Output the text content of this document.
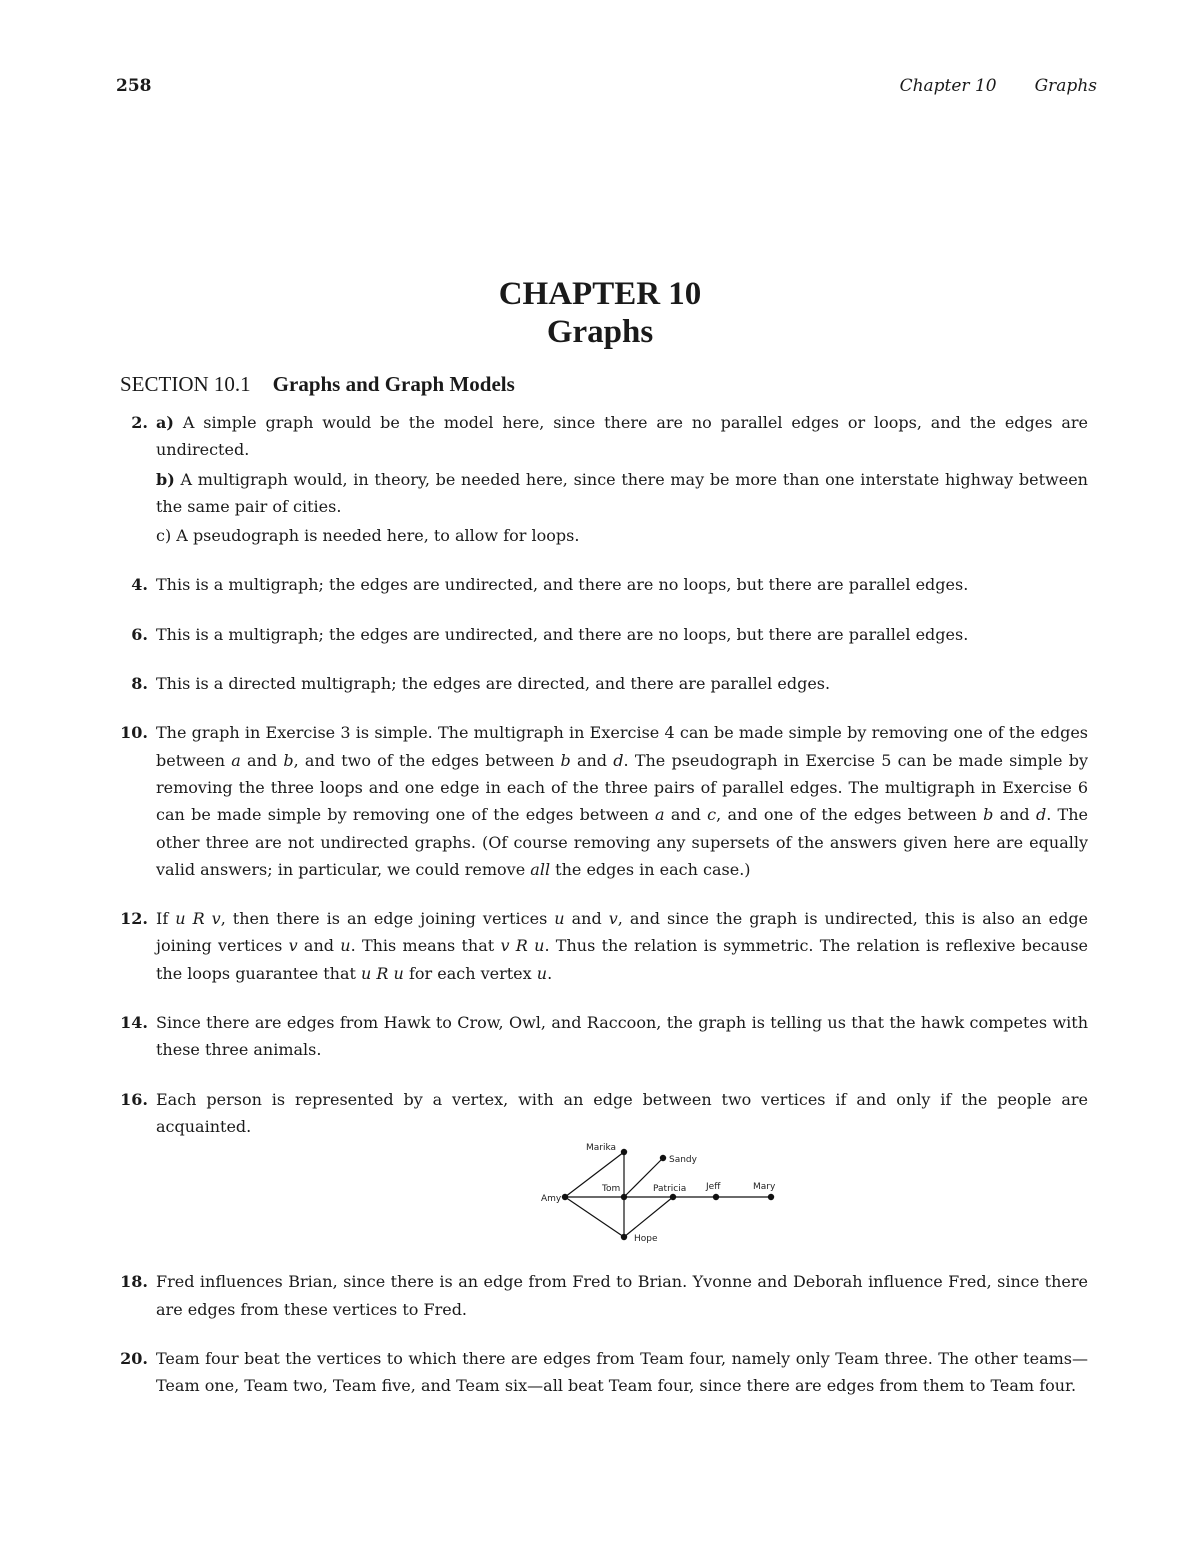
258	Chapter 10 Graphs
CHAPTER 10
Graphs
SECTION 10.1 Graphs and Graph Models
2. a) A simple graph would be the model here, since there are no parallel edges or loops, and the edges are undirected.

b) A multigraph would, in theory, be needed here, since there may be more than one interstate highway between the same pair of cities.

c) A pseudograph is needed here, to allow for loops.

4. This is a multigraph; the edges are undirected, and there are no loops, but there are parallel edges.

6. This is a multigraph; the edges are undirected, and there are no loops, but there are parallel edges.

8. This is a directed multigraph; the edges are directed, and there are parallel edges.

10. The graph in Exercise 3 is simple. The multigraph in Exercise 4 can be made simple by removing one of the edges between a and b, and two of the edges between b and d. The pseudograph in Exercise 5 can be made simple by removing the three loops and one edge in each of the three pairs of parallel edges. The multigraph in Exercise 6 can be made simple by removing one of the edges between a and c, and one of the edges between b and d. The other three are not undirected graphs. (Of course removing any supersets of the answers given here are equally valid answers; in particular, we could remove all the edges in each case.)

12. If u R v, then there is an edge joining vertices u and v, and since the graph is undirected, this is also an edge joining vertices v and u. This means that v R u. Thus the relation is symmetric. The relation is reflexive because the loops guarantee that u R u for each vertex u.

14. Since there are edges from Hawk to Crow, Owl, and Raccoon, the graph is telling us that the hawk competes with these three animals.

16. Each person is represented by a vertex, with an edge between two vertices if and only if the people are acquainted.

Marika
Sandy
Amy
Tom	Patricia Jeff	Mary
Hope
18. Fred influences Brian, since there is an edge from Fred to Brian. Yvonne and Deborah influence Fred, since there are edges from these vertices to Fred.

20. Team four beat the vertices to which there are edges from Team four, namely only Team three. The other teams—Team one, Team two, Team five, and Team six—all beat Team four, since there are edges from them to Team four.
